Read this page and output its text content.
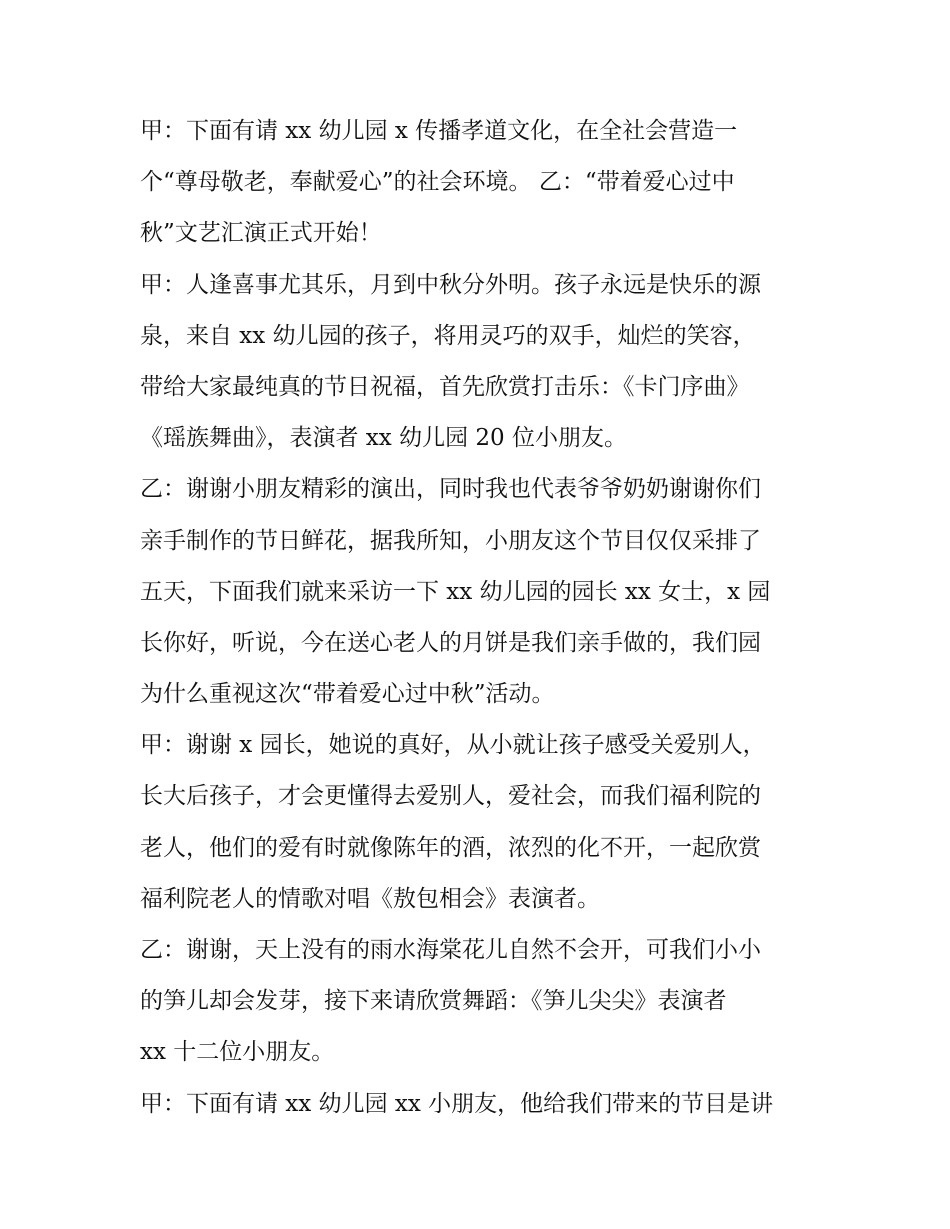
甲：下面有请 xx 幼儿园 x 传播孝道文化，在全社会营造一
个“尊母敬老，奉献爱心”的社会环境。 乙：“带着爱心过中
秋”文艺汇演正式开始！
甲：人逢喜事尤其乐，月到中秋分外明。孩子永远是快乐的源
泉，来自 xx 幼儿园的孩子，将用灵巧的双手，灿烂的笑容，
带给大家最纯真的节日祝福，首先欣赏打击乐：《卡门序曲》
《瑶族舞曲》，表演者 xx 幼儿园 20 位小朋友。
乙：谢谢小朋友精彩的演出，同时我也代表爷爷奶奶谢谢你们
亲手制作的节日鲜花，据我所知，小朋友这个节目仅仅采排了
五天，下面我们就来采访一下 xx 幼儿园的园长 xx 女士，x 园
长你好，听说，今在送心老人的月饼是我们亲手做的，我们园
为什么重视这次“带着爱心过中秋”活动。
甲：谢谢 x 园长，她说的真好，从小就让孩子感受关爱别人，
长大后孩子，才会更懂得去爱别人，爱社会，而我们福利院的
老人，他们的爱有时就像陈年的酒，浓烈的化不开，一起欣赏
福利院老人的情歌对唱《敖包相会》表演者。
乙：谢谢，天上没有的雨水海棠花儿自然不会开，可我们小小
的笋儿却会发芽，接下来请欣赏舞蹈：《笋儿尖尖》表演者
xx 十二位小朋友。
甲：下面有请 xx 幼儿园 xx 小朋友，他给我们带来的节目是讲
